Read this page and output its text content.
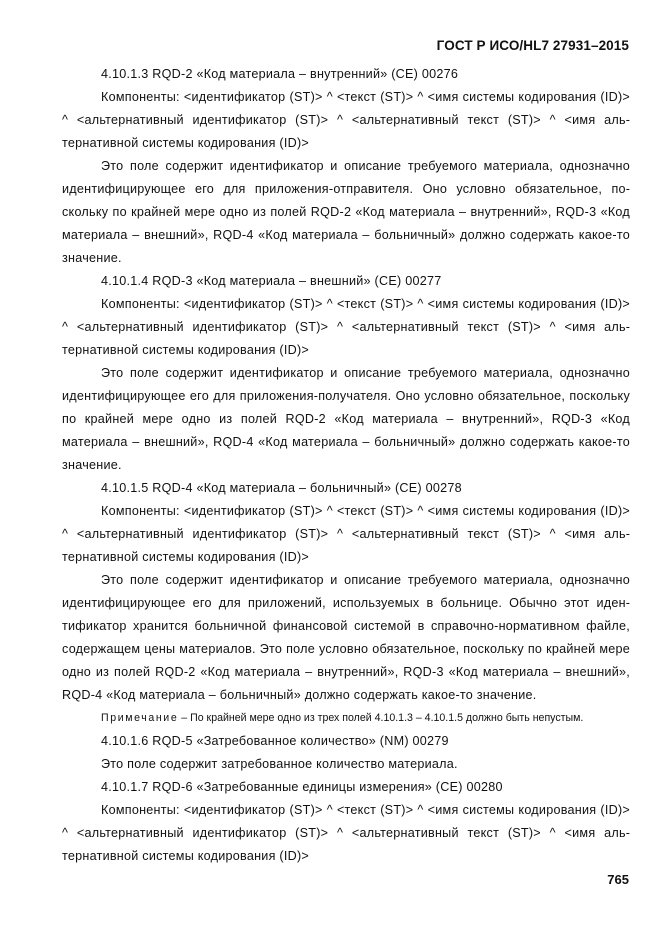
ГОСТ Р ИСО/HL7 27931–2015

4.10.1.3 RQD-2 «Код материала – внутренний» (CE) 00276

Компоненты: <идентификатор (ST)> ^ <текст (ST)> ^ <имя системы кодирования (ID)> ^ <альтернативный идентификатор (ST)> ^ <альтернативный текст (ST)> ^ <имя альтернативной системы кодирования (ID)>

Это поле содержит идентификатор и описание требуемого материала, однозначно идентифицирующее его для приложения-отправителя. Оно условно обязательное, поскольку по крайней мере одно из полей RQD-2 «Код материала – внутренний», RQD-3 «Код материала – внешний», RQD-4 «Код материала – больничный» должно содержать какое-то значение.

4.10.1.4 RQD-3 «Код материала – внешний» (CE) 00277

Компоненты: <идентификатор (ST)> ^ <текст (ST)> ^ <имя системы кодирования (ID)> ^ <альтернативный идентификатор (ST)> ^ <альтернативный текст (ST)> ^ <имя альтернативной системы кодирования (ID)>

Это поле содержит идентификатор и описание требуемого материала, однозначно идентифицирующее его для приложения-получателя. Оно условно обязательное, поскольку по крайней мере одно из полей RQD-2 «Код материала – внутренний», RQD-3 «Код материала – внешний», RQD-4 «Код материала – больничный» должно содержать какое-то значение.

4.10.1.5 RQD-4 «Код материала – больничный» (CE) 00278

Компоненты: <идентификатор (ST)> ^ <текст (ST)> ^ <имя системы кодирования (ID)> ^ <альтернативный идентификатор (ST)> ^ <альтернативный текст (ST)> ^ <имя альтернативной системы кодирования (ID)>

Это поле содержит идентификатор и описание требуемого материала, однозначно идентифицирующее его для приложений, используемых в больнице. Обычно этот идентификатор хранится больничной финансовой системой в справочно-нормативном файле, содержащем цены материалов. Это поле условно обязательное, поскольку по крайней мере одно из полей RQD-2 «Код материала – внутренний», RQD-3 «Код материала – внешний», RQD-4 «Код материала – больничный» должно содержать какое-то значение.

Примечание – По крайней мере одно из трех полей 4.10.1.3 – 4.10.1.5 должно быть непустым.

4.10.1.6 RQD-5 «Затребованное количество» (NM) 00279

Это поле содержит затребованное количество материала.

4.10.1.7 RQD-6 «Затребованные единицы измерения» (CE) 00280

Компоненты: <идентификатор (ST)> ^ <текст (ST)> ^ <имя системы кодирования (ID)> ^ <альтернативный идентификатор (ST)> ^ <альтернативный текст (ST)> ^ <имя альтернативной системы кодирования (ID)>

765
